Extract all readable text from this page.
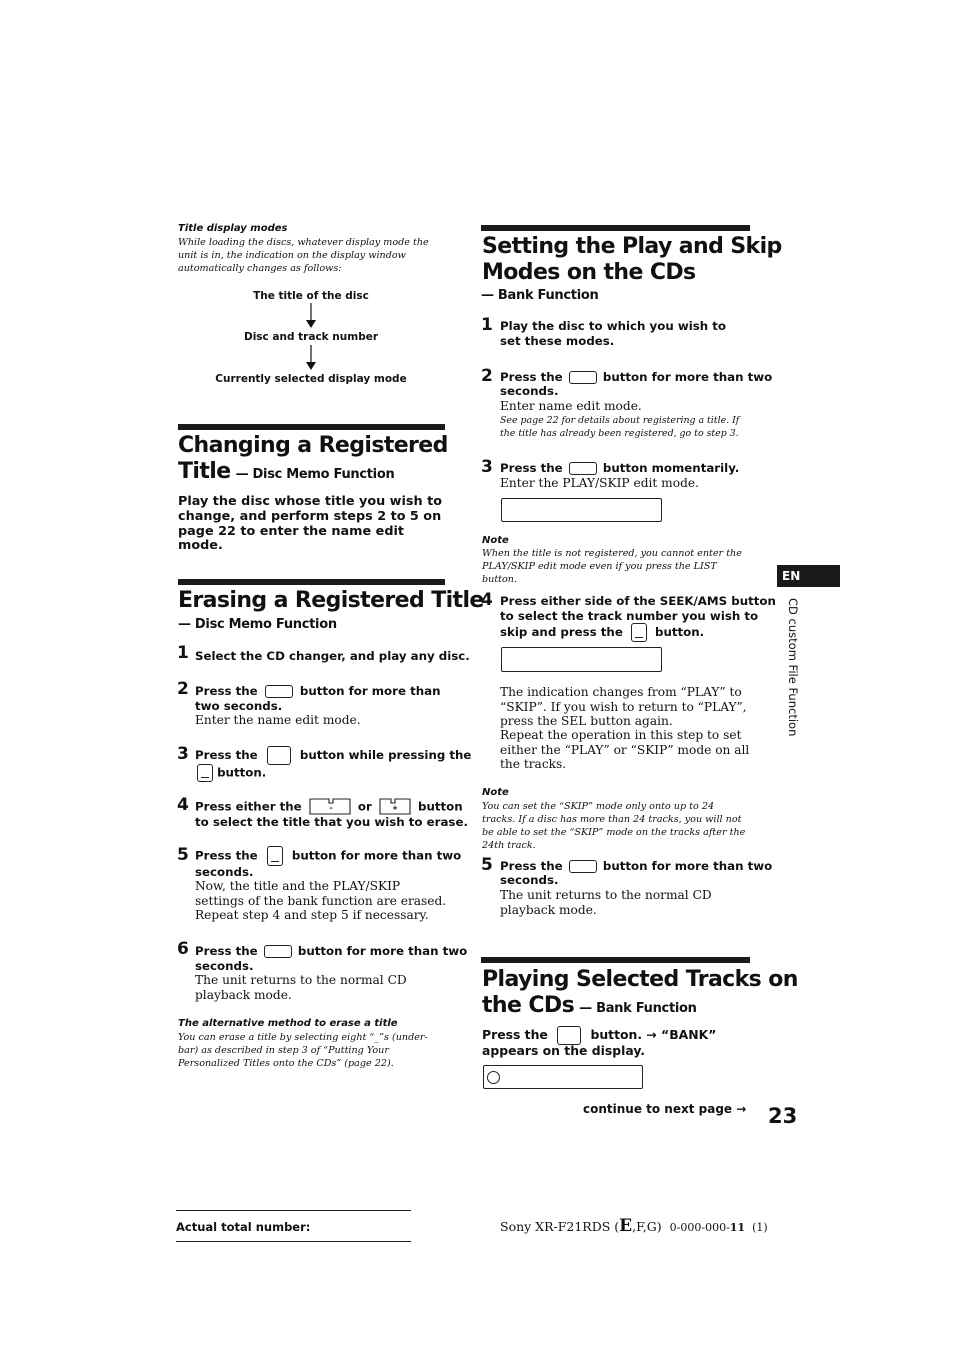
Title display modes
While loading the discs, whatever display mode the unit is in, the indication on the display window automatically changes as follows:
The title of the disc
Disc and track number
Currently selected display mode
Changing a Registered
Title — Disc Memo Function
Play the disc whose title you wish to change, and perform steps 2 to 5 on page 22 to enter the name edit mode.
Erasing a Registered Title
— Disc Memo Function
1 Select the CD changer, and play any disc.
2 Press the	button for more than
two seconds.
Enter the name edit mode.
3 Press the	button while pressing the
button.
4 Press either the	– or	+ button
to select the title that you wish to erase.
5 Press the	button for more than two
seconds.
Now, the title and the PLAY/SKIP settings of the bank function are erased.
Repeat step 4 and step 5 if necessary.
6 Press the	button for more than two
seconds.
The unit returns to the normal CD playback mode.
The alternative method to erase a title
You can erase a title by selecting eight “_”s (under-bar) as described in step 3 of “Putting Your Personalized Titles onto the CDs” (page 22).
Setting the Play and Skip
Modes on the CDs
— Bank Function
1 Play the disc to which you wish to set these modes.
2 Press the	button for more than two
seconds.
Enter name edit mode.
See page 22 for details about registering a title. If the title has already been registered, go to step 3.
3 Press the	button momentarily.
Enter the PLAY/SKIP edit mode.
Note
When the title is not registered, you cannot enter the PLAY/SKIP edit mode even if you press the LIST button.
4 Press either side of the SEEK/AMS button
to select the track number you wish to
skip and press the	button.
The indication changes from “PLAY” to “SKIP”. If you wish to return to “PLAY”, press the SEL button again.
Repeat the operation in this step to set either the “PLAY” or “SKIP” mode on all the tracks.
Note
You can set the “SKIP” mode only onto up to 24 tracks. If a disc has more than 24 tracks, you will not be able to set the “SKIP” mode on the tracks after the 24th track.
5 Press the	button for more than two
seconds.
The unit returns to the normal CD playback mode.
Playing Selected Tracks on
the CDs — Bank Function
Press the	button. → “BANK”
appears on the display.
EN
CD custom File Function
continue to next page → 23
Actual total number:	Sony XR-F21RDS (E,F,G) 0-000-000-11 (1)
